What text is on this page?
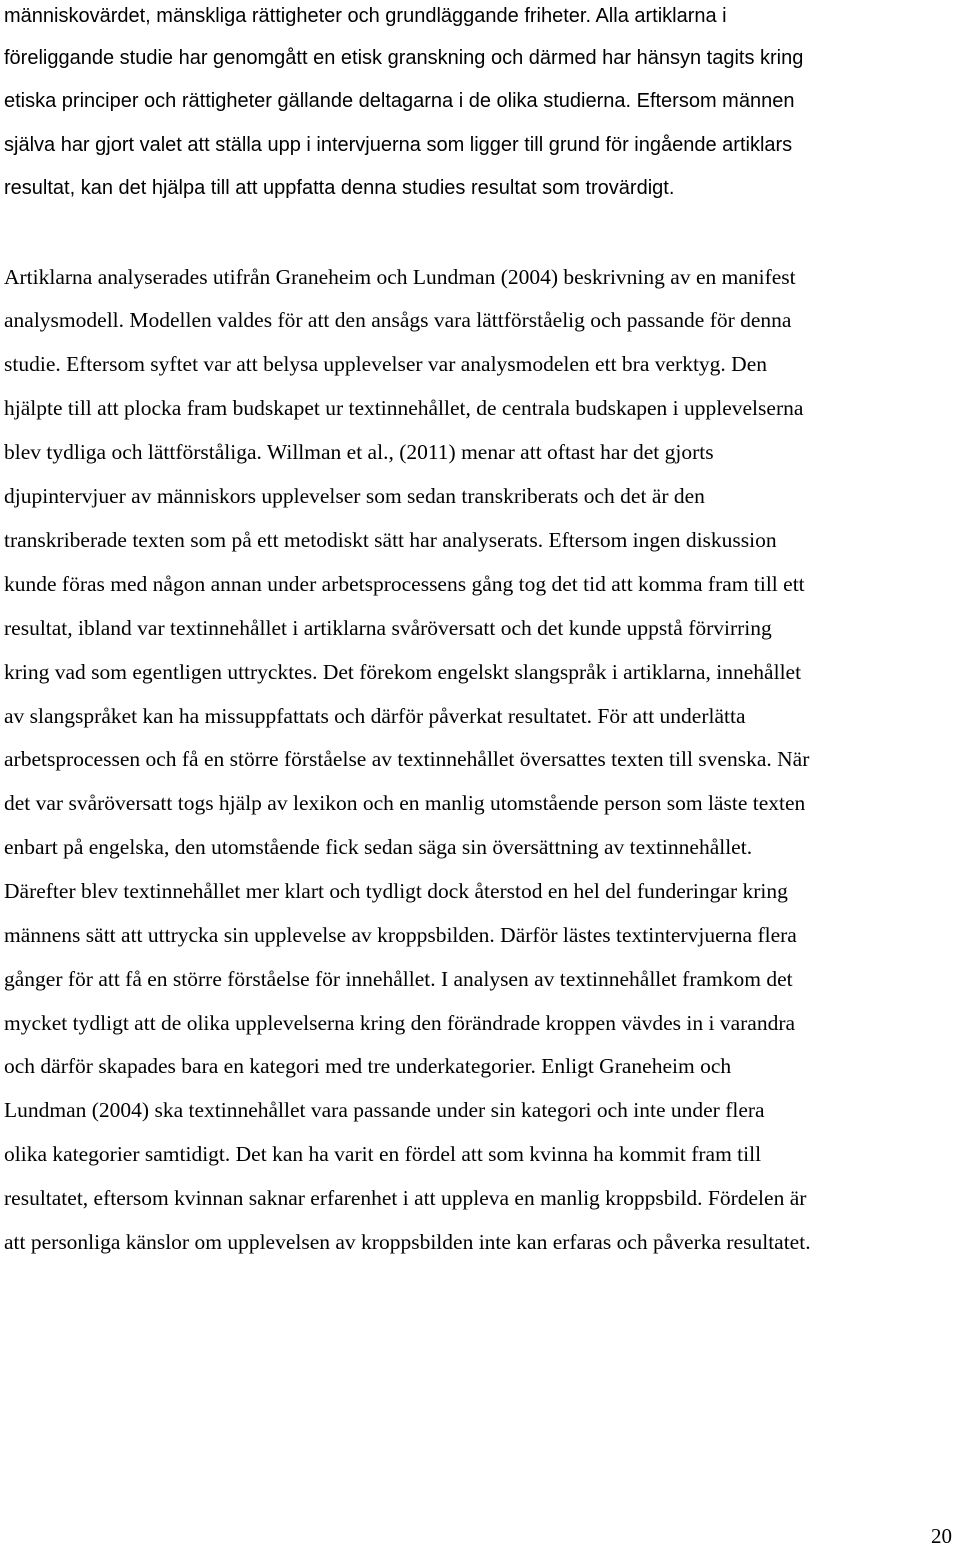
människovärdet, mänskliga rättigheter och grundläggande friheter. Alla artiklarna i
föreliggande studie har genomgått en etisk granskning och därmed har hänsyn tagits kring
etiska principer och rättigheter gällande deltagarna i de olika studierna. Eftersom männen
själva har gjort valet att ställa upp i intervjuerna som ligger till grund för ingående artiklars
resultat, kan det hjälpa till att uppfatta denna studies resultat som trovärdigt.
Artiklarna analyserades utifrån Graneheim och Lundman (2004) beskrivning av en manifest
analysmodell. Modellen valdes för att den ansågs vara lättförståelig och passande för denna
studie. Eftersom syftet var att belysa upplevelser var analysmodelen ett bra verktyg. Den
hjälpte till att plocka fram budskapet ur textinnehållet, de centrala budskapen i upplevelserna
blev tydliga och lättförståliga. Willman et al., (2011) menar att oftast har det gjorts
djupintervjuer av människors upplevelser som sedan transkriberats och det är den
transkriberade texten som på ett metodiskt sätt har analyserats. Eftersom ingen diskussion
kunde föras med någon annan under arbetsprocessens gång tog det tid att komma fram till ett
resultat, ibland var textinnehållet i artiklarna svåröversatt och det kunde uppstå förvirring
kring vad som egentligen uttrycktes. Det förekom engelskt slangspråk i artiklarna, innehållet
av slangspråket kan ha missuppfattats och därför påverkat resultatet. För att underlätta
arbetsprocessen och få en större förståelse av textinnehållet översattes texten till svenska. När
det var svåröversatt togs hjälp av lexikon och en manlig utomstående person som läste texten
enbart på engelska, den utomstående fick sedan säga sin översättning av textinnehållet.
Därefter blev textinnehållet mer klart och tydligt dock återstod en hel del funderingar kring
männens sätt att uttrycka sin upplevelse av kroppsbilden. Därför lästes textintervjuerna flera
gånger för att få en större förståelse för innehållet. I analysen av textinnehållet framkom det
mycket tydligt att de olika upplevelserna kring den förändrade kroppen vävdes in i varandra
och därför skapades bara en kategori med tre underkategorier. Enligt Graneheim och
Lundman (2004) ska textinnehållet vara passande under sin kategori och inte under flera
olika kategorier samtidigt. Det kan ha varit en fördel att som kvinna ha kommit fram till
resultatet, eftersom kvinnan saknar erfarenhet i att uppleva en manlig kroppsbild. Fördelen är
att personliga känslor om upplevelsen av kroppsbilden inte kan erfaras och påverka resultatet.
20
